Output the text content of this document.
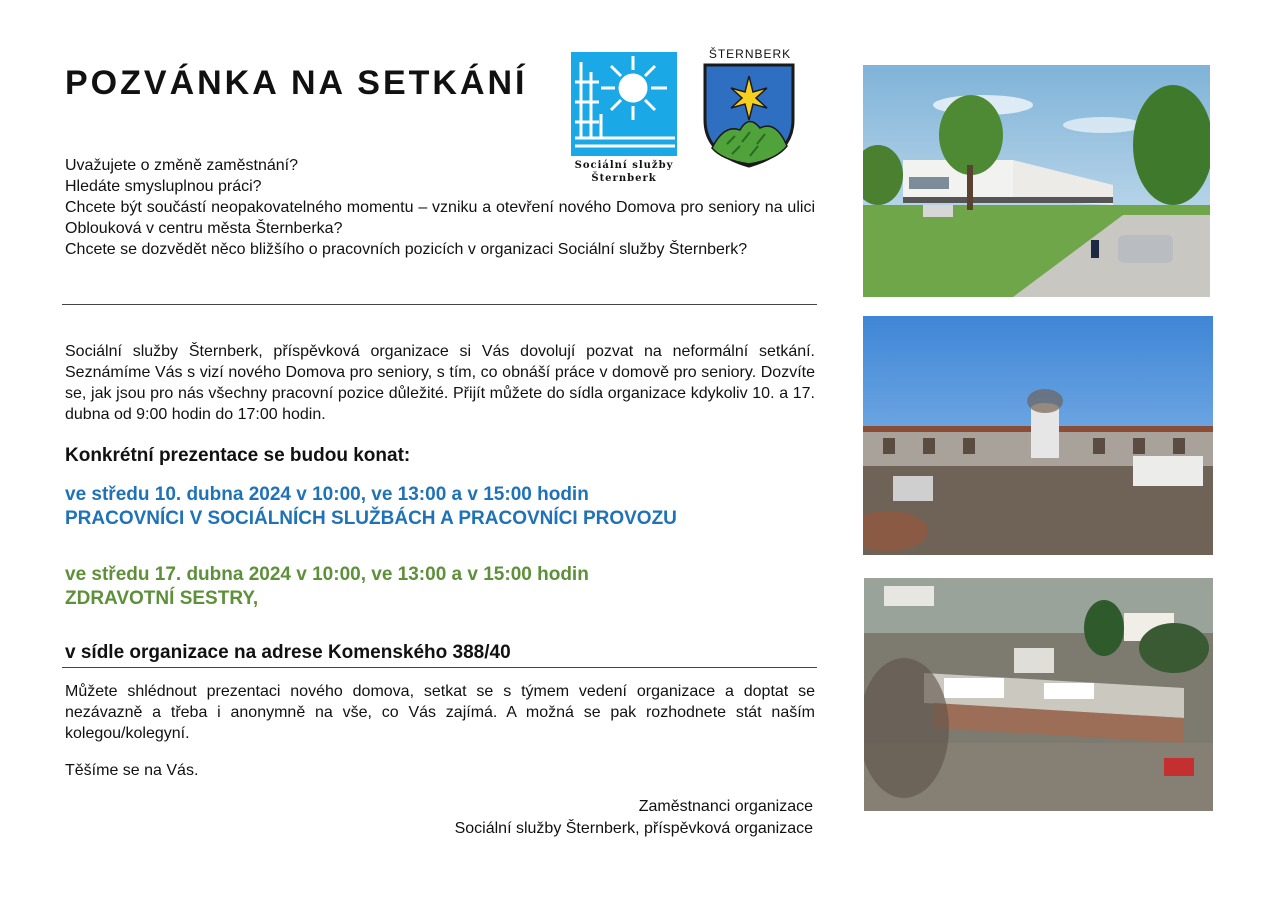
POZVÁNKA NA SETKÁNÍ
Sociální služby
Šternberk
ŠTERNBERK
Uvažujete o změně zaměstnání?
Hledáte smysluplnou práci?
Chcete být součástí neopakovatelného momentu – vzniku a otevření nového Domova pro seniory na ulici Oblouková v centru města Šternberka?
Chcete se dozvědět něco bližšího o pracovních pozicích v organizaci Sociální služby Šternberk?
Sociální služby Šternberk, příspěvková organizace si Vás dovolují pozvat na neformální setkání. Seznámíme Vás s vizí nového Domova pro seniory, s tím, co obnáší práce v domově pro seniory. Dozvíte se, jak jsou pro nás všechny pracovní pozice důležité. Přijít můžete do sídla organizace kdykoliv 10. a 17. dubna od 9:00 hodin do 17:00 hodin.
Konkrétní prezentace se budou konat:
ve středu 10. dubna 2024 v 10:00, ve 13:00 a v 15:00 hodin
PRACOVNÍCI V SOCIÁLNÍCH SLUŽBÁCH A PRACOVNÍCI PROVOZU
ve středu 17. dubna 2024 v 10:00, ve 13:00 a v 15:00 hodin
ZDRAVOTNÍ SESTRY,
v sídle organizace na adrese Komenského 388/40
Můžete shlédnout prezentaci nového domova, setkat se s týmem vedení organizace a doptat se nezávazně a třeba i anonymně na vše, co Vás zajímá. A možná se pak rozhodnete stát naším kolegou/kolegyní.
Těšíme se na Vás.
Zaměstnanci organizace
Sociální služby Šternberk, příspěvková organizace
